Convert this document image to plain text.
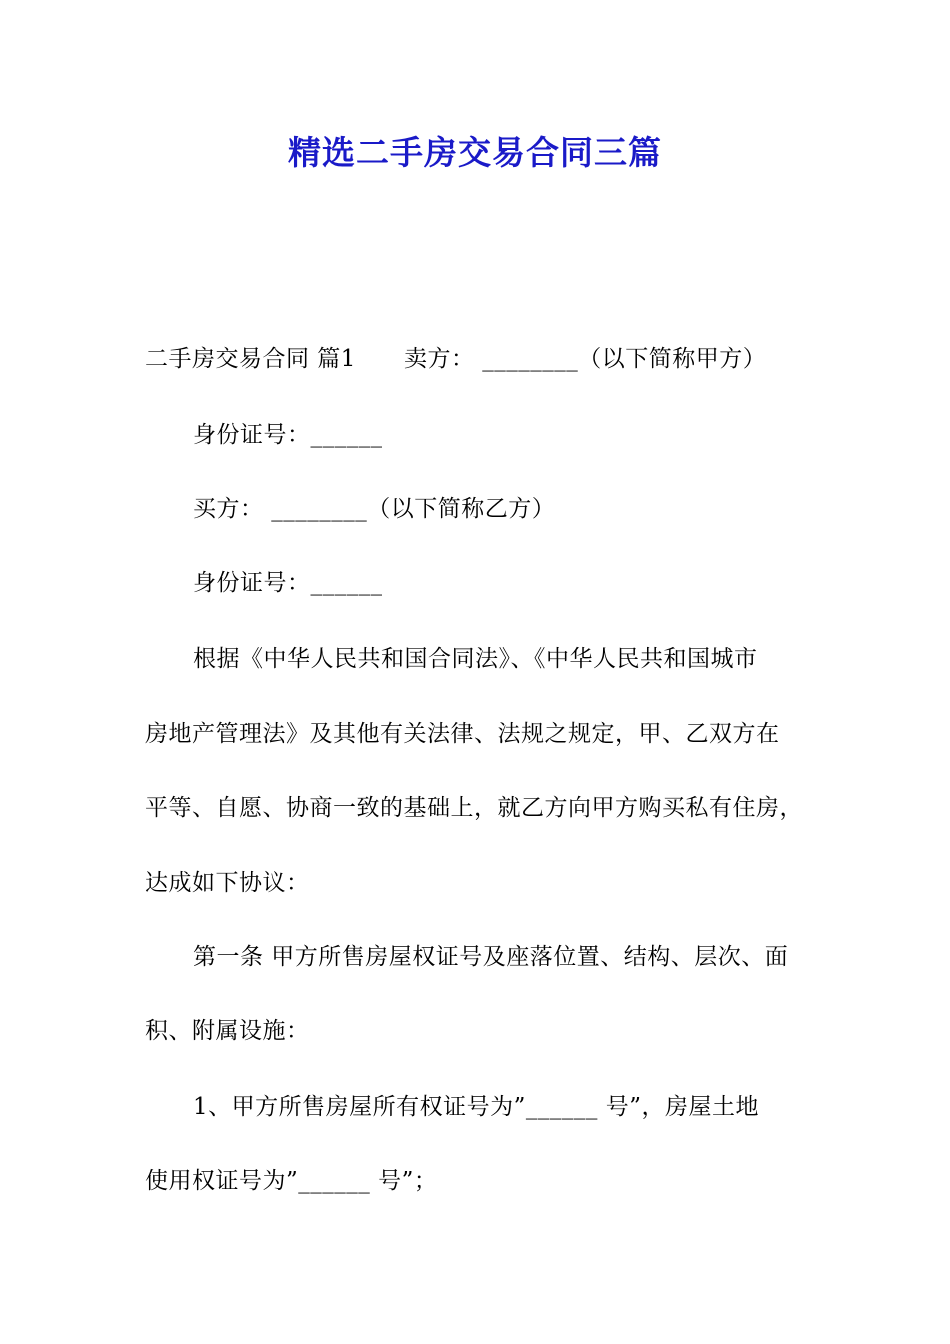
精选二手房交易合同三篇
二手房交易合同 篇1 卖方： ________（以下简称甲方）
身份证号：______
买方： ________（以下简称乙方）
身份证号：______
根据《中华人民共和国合同法》、《中华人民共和国城市
房地产管理法》及其他有关法律、法规之规定，甲、乙双方在
平等、自愿、协商一致的基础上，就乙方向甲方购买私有住房，
达成如下协议：
第一条 甲方所售房屋权证号及座落位置、结构、层次、面
积、附属设施：
1、甲方所售房屋所有权证号为”______ 号”，房屋土地
使用权证号为”______ 号”；
